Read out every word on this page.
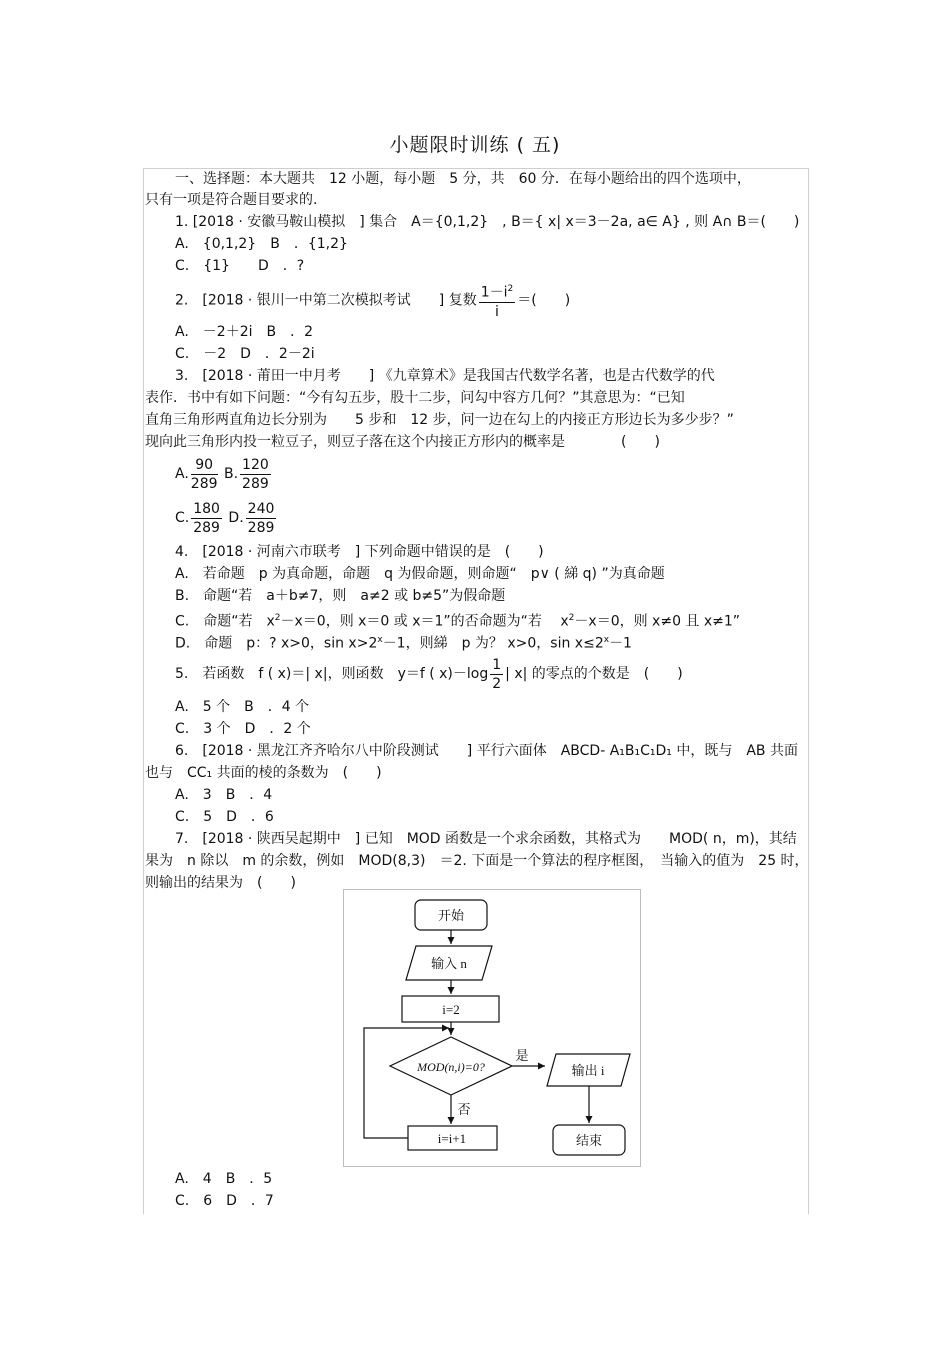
小题限时训练 ( 五)
一、选择题：本大题共　12 小题，每小题　5 分，共　60 分．在每小题给出的四个选项中，
只有一项是符合题目要求的.
1. [2018 · 安徽马鞍山模拟　] 集合　A＝{0,1,2}　, B＝{ x| x＝3－2a, a∈ A} , 则 A∩ B＝(　　)
A.　{0,1,2}　B　．{1,2}
C.　{1}　　D　．?
2.　[2018 · 银川一中第二次模拟考试　　] 复数 $\frac{1-i^2}{i}$ ＝(　　)
A.　－2＋2i　B　．2
C.　－2　D　．2－2i
3.　[2018 · 莆田一中月考　　] 《九章算术》是我国古代数学名著，也是古代数学的代
表作．书中有如下问题：“今有勾五步，股十二步，问勾中容方几何？”其意思为：“已知
直角三角形两直角边长分别为　　5 步和　12 步，问一边在勾上的内接正方形边长为多少步？”
现向此三角形内投一粒豆子，则豆子落在这个内接正方形内的概率是　　　　(　　)
A. $\frac{90}{289} B$. $\frac{120}{289}$
C. $\frac{180}{289} D$. $\frac{240}{289}$
4.　[2018 · 河南六市联考　] 下列命题中错误的是　(　　)
A.　若命题　p 为真命题，命题　q 为假命题，则命题“　p∨ ( 綈 q) ”为真命题
B.　命题“若　a＋b≠7，则　a≠2 或 b≠5”为假命题
C.　命题“若　$x^2-x=0$，则 x＝0 或 x＝1”的否命题为“若　 $x^2-x=0$，则 x≠0 且 x≠1”
D.　命题　p：? x>0，$\sin x>2^x-1$，则綈　p 为？ x>0，$\sin x\le 2^x-1$
5.　若函数　f ( x)＝| x|，则函数　y＝f ( $x)-\log \frac{1}{2}$ | x| 的零点的个数是　(　　)
A.　5 个　B　．4 个
C.　3 个　D　．2 个
6.　[2018 · 黑龙江齐齐哈尔八中阶段测试　　] 平行六面体　ABCD- A₁B₁C₁D₁ 中，既与　AB 共面
也与　CC₁ 共面的棱的条数为　(　　)
A.　3　B　．4
C.　5　D　．6
7.　[2018 · 陕西吴起期中　] 已知　MOD 函数是一个求余函数，其格式为　　MOD( n，m)，其结
果为　n 除以　m 的余数，例如　MOD(8,3)　＝2. 下面是一个算法的程序框图，　当输入的值为　25 时，
则输出的结果为　(　　)
开始
输入 n
i=2
MOD(n,i)=0?
是
否
输出 i
i=i+1	结束
A.　4　B　．5
C.　6　D　．7
